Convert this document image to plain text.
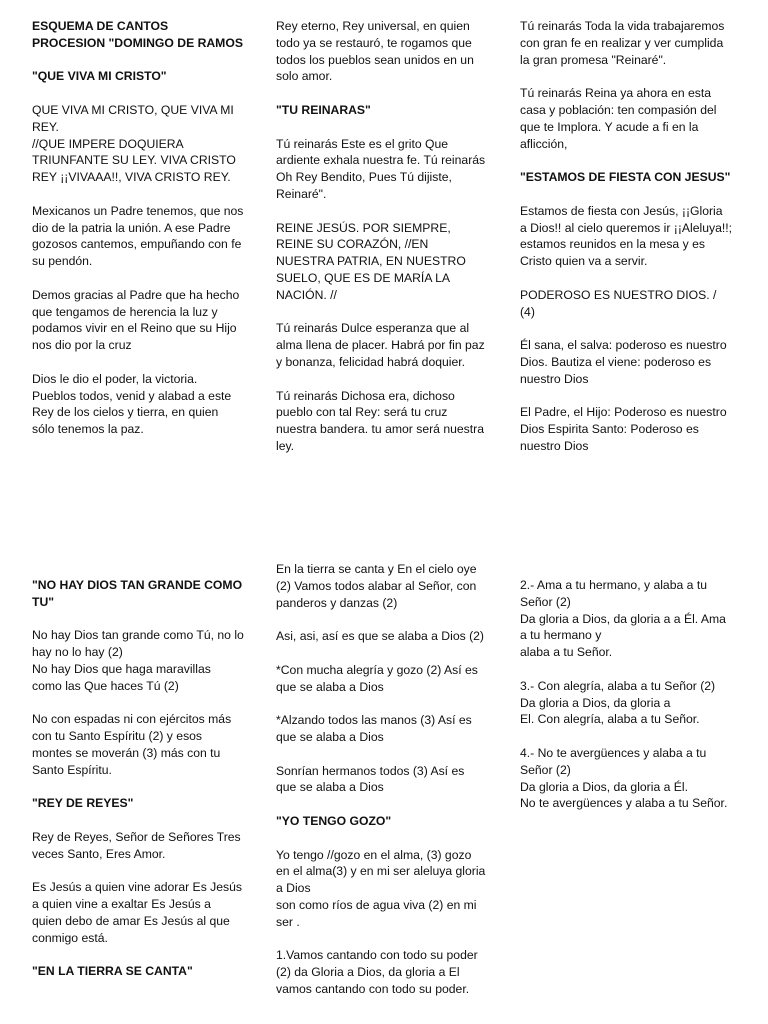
ESQUEMA DE CANTOS PROCESION "DOMINGO DE RAMOS

"QUE VIVA MI CRISTO"

QUE VIVA MI CRISTO, QUE VIVA MI REY.
//QUE IMPERE DOQUIERA TRIUNFANTE SU LEY. VIVA CRISTO REY ¡¡VIVAAA!!, VIVA CRISTO REY.

Mexicanos un Padre tenemos, que nos dio de la patria la unión. A ese Padre gozosos cantemos, empuñando con fe su pendón.

Demos gracias al Padre que ha hecho que tengamos de herencia la luz y podamos vivir en el Reino que su Hijo nos dio por la cruz

Dios le dio el poder, la victoria. Pueblos todos, venid y alabad a este Rey de los cielos y tierra, en quien sólo tenemos la paz.

Rey eterno, Rey universal, en quien todo ya se restauró, te rogamos que todos los pueblos sean unidos en un solo amor.

"TU REINARAS"

Tú reinarás Este es el grito Que ardiente exhala nuestra fe. Tú reinarás Oh Rey Bendito, Pues Tú dijiste, Reinaré".

REINE JESÚS. POR SIEMPRE, REINE SU CORAZÓN, //EN NUESTRA PATRIA, EN NUESTRO SUELO, QUE ES DE MARÍA LA NACIÓN. //

Tú reinarás Dulce esperanza que al alma llena de placer. Habrá por fin paz y bonanza, felicidad habrá doquier.

Tú reinarás Dichosa era, dichoso pueblo con tal Rey: será tu cruz nuestra bandera. tu amor será nuestra ley.

Tú reinarás Toda la vida trabajaremos con gran fe en realizar y ver cumplida la gran promesa "Reinaré".

Tú reinarás Reina ya ahora en esta casa y población: ten compasión del que te Implora. Y acude a fi en la aflicción,

"ESTAMOS DE FIESTA CON JESUS"

Estamos de fiesta con Jesús, ¡¡Gloria a Dios!! al cielo queremos ir ¡¡Aleluya!!; estamos reunidos en la mesa y es Cristo quien va a servir.

PODEROSO ES NUESTRO DIOS. / (4)

Él sana, el salva: poderoso es nuestro Dios. Bautiza el viene: poderoso es nuestro Dios

El Padre, el Hijo: Poderoso es nuestro Dios Espirita Santo: Poderoso es nuestro Dios

"NO HAY DIOS TAN GRANDE COMO TU"

No hay Dios tan grande como Tú, no lo hay no lo hay (2)
No hay Dios que haga maravillas como las Que haces Tú (2)

No con espadas ni con ejércitos más con tu Santo Espíritu (2) y esos montes se moverán (3) más con tu Santo Espíritu.

"REY DE REYES"

Rey de Reyes, Señor de Señores Tres veces Santo, Eres Amor.

Es Jesús a quien vine adorar Es Jesús a quien vine a exaltar Es Jesús a quien debo de amar Es Jesús al que conmigo está.

"EN LA TIERRA SE CANTA"

En la tierra se canta y En el cielo oye (2) Vamos todos alabar al Señor, con panderos y danzas (2)

Asi, asi, así es que se alaba a Dios (2)

*Con mucha alegría y gozo (2) Así es que se alaba a Dios

*Alzando todos las manos (3) Así es que se alaba a Dios

Sonrían hermanos todos (3) Así es que se alaba a Dios

"YO TENGO GOZO"

Yo tengo //gozo en el alma, (3) gozo en el alma(3) y en mi ser aleluya gloria a Dios
son como ríos de agua viva (2) en mi ser .

1.Vamos cantando con todo su poder (2) da Gloria a Dios, da gloria a El vamos cantando con todo su poder.

2.- Ama a tu hermano, y alaba a tu Señor (2)
Da gloria a Dios, da gloria a a Él. Ama a tu hermano y
alaba a tu Señor.

3.- Con alegría, alaba a tu Señor (2)
Da gloria a Dios, da gloria a
El. Con alegría, alaba a tu Señor.

4.- No te avergüences y alaba a tu Señor (2)
Da gloria a Dios, da gloria a Él.
No te avergüences y alaba a tu Señor.
